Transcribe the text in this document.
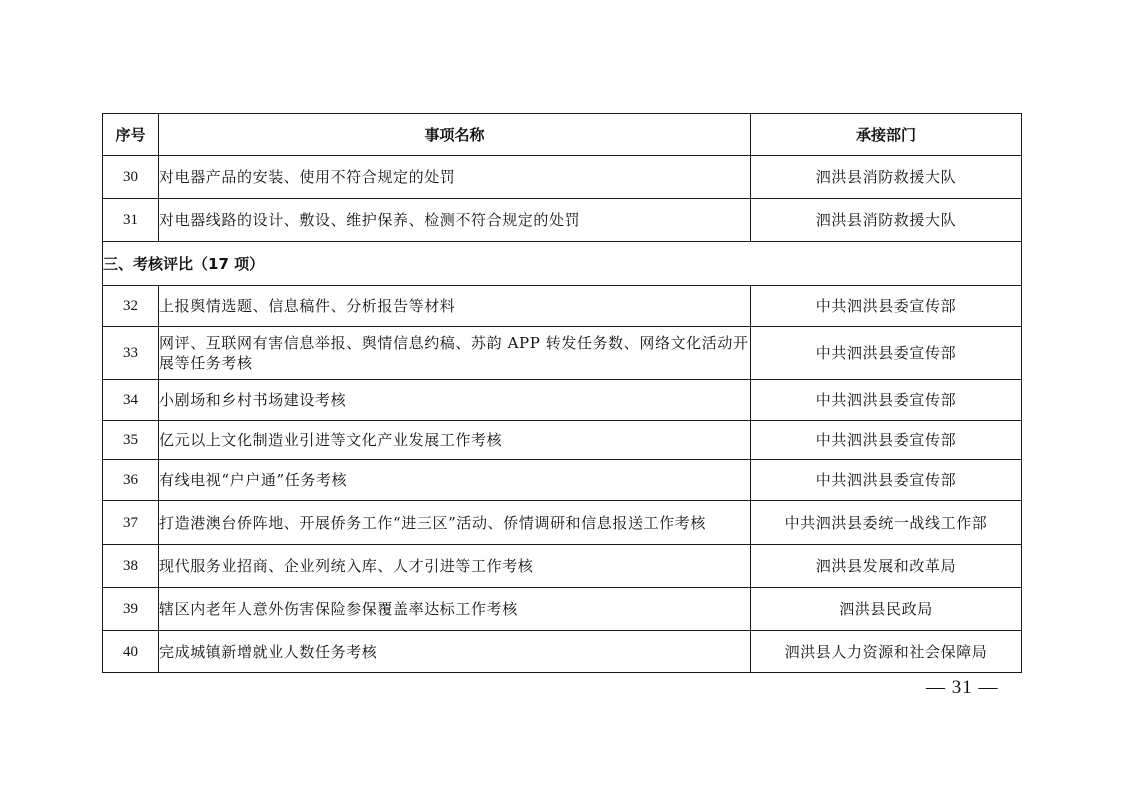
序号	事项名称	承接部门
30	对电器产品的安装、使用不符合规定的处罚	泗洪县消防救援大队
31	对电器线路的设计、敷设、维护保养、检测不符合规定的处罚	泗洪县消防救援大队
三、考核评比（17 项）		
32	上报舆情选题、信息稿件、分析报告等材料	中共泗洪县委宣传部
33	网评、互联网有害信息举报、舆情信息约稿、苏韵 APP 转发任务数、网络文化活动开展等任务考核	中共泗洪县委宣传部
34	小剧场和乡村书场建设考核	中共泗洪县委宣传部
35	亿元以上文化制造业引进等文化产业发展工作考核	中共泗洪县委宣传部
36	有线电视“户户通”任务考核	中共泗洪县委宣传部
37	打造港澳台侨阵地、开展侨务工作“进三区”活动、侨情调研和信息报送工作考核	中共泗洪县委统一战线工作部
38	现代服务业招商、企业列统入库、人才引进等工作考核	泗洪县发展和改革局
39	辖区内老年人意外伤害保险参保覆盖率达标工作考核	泗洪县民政局
40	完成城镇新增就业人数任务考核	泗洪县人力资源和社会保障局
— 31 —
